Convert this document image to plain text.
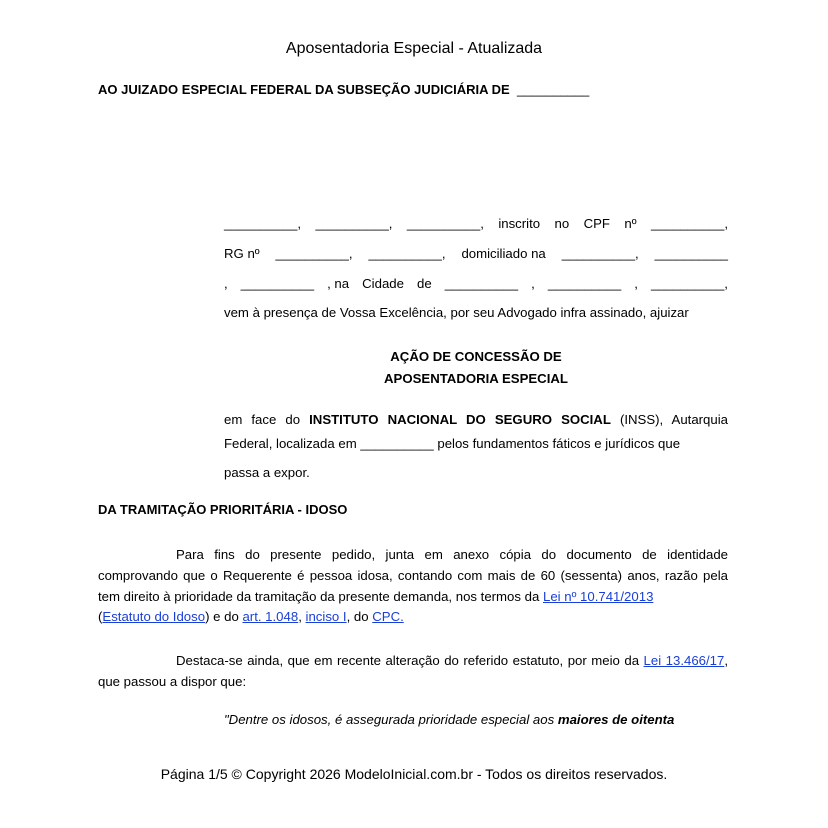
Aposentadoria Especial - Atualizada
AO JUIZADO ESPECIAL FEDERAL DA SUBSEÇÃO JUDICIÁRIA DE __________
__________, __________, __________, inscrito no CPF nº __________,
RG nº __________, __________, domiciliado na __________, __________
, __________ , na Cidade de __________ , __________ , __________,
vem à presença de Vossa Excelência, por seu Advogado infra assinado, ajuizar
AÇÃO DE CONCESSÃO DE
APOSENTADORIA ESPECIAL
em face do INSTITUTO NACIONAL DO SEGURO SOCIAL (INSS), Autarquia Federal, localizada em __________ pelos fundamentos fáticos e jurídicos que
passa a expor.
DA TRAMITAÇÃO PRIORITÁRIA - IDOSO
Para fins do presente pedido, junta em anexo cópia do documento de identidade comprovando que o Requerente é pessoa idosa, contando com mais de 60 (sessenta) anos, razão pela tem direito à prioridade da tramitação da presente demanda, nos termos da Lei nº 10.741/2013
(Estatuto do Idoso) e do art. 1.048, inciso I, do CPC.
Destaca-se ainda, que em recente alteração do referido estatuto, por meio da Lei 13.466/17, que passou a dispor que:
"Dentre os idosos, é assegurada prioridade especial aos maiores de oitenta
Página 1/5 © Copyright 2026 ModeloInicial.com.br - Todos os direitos reservados.
